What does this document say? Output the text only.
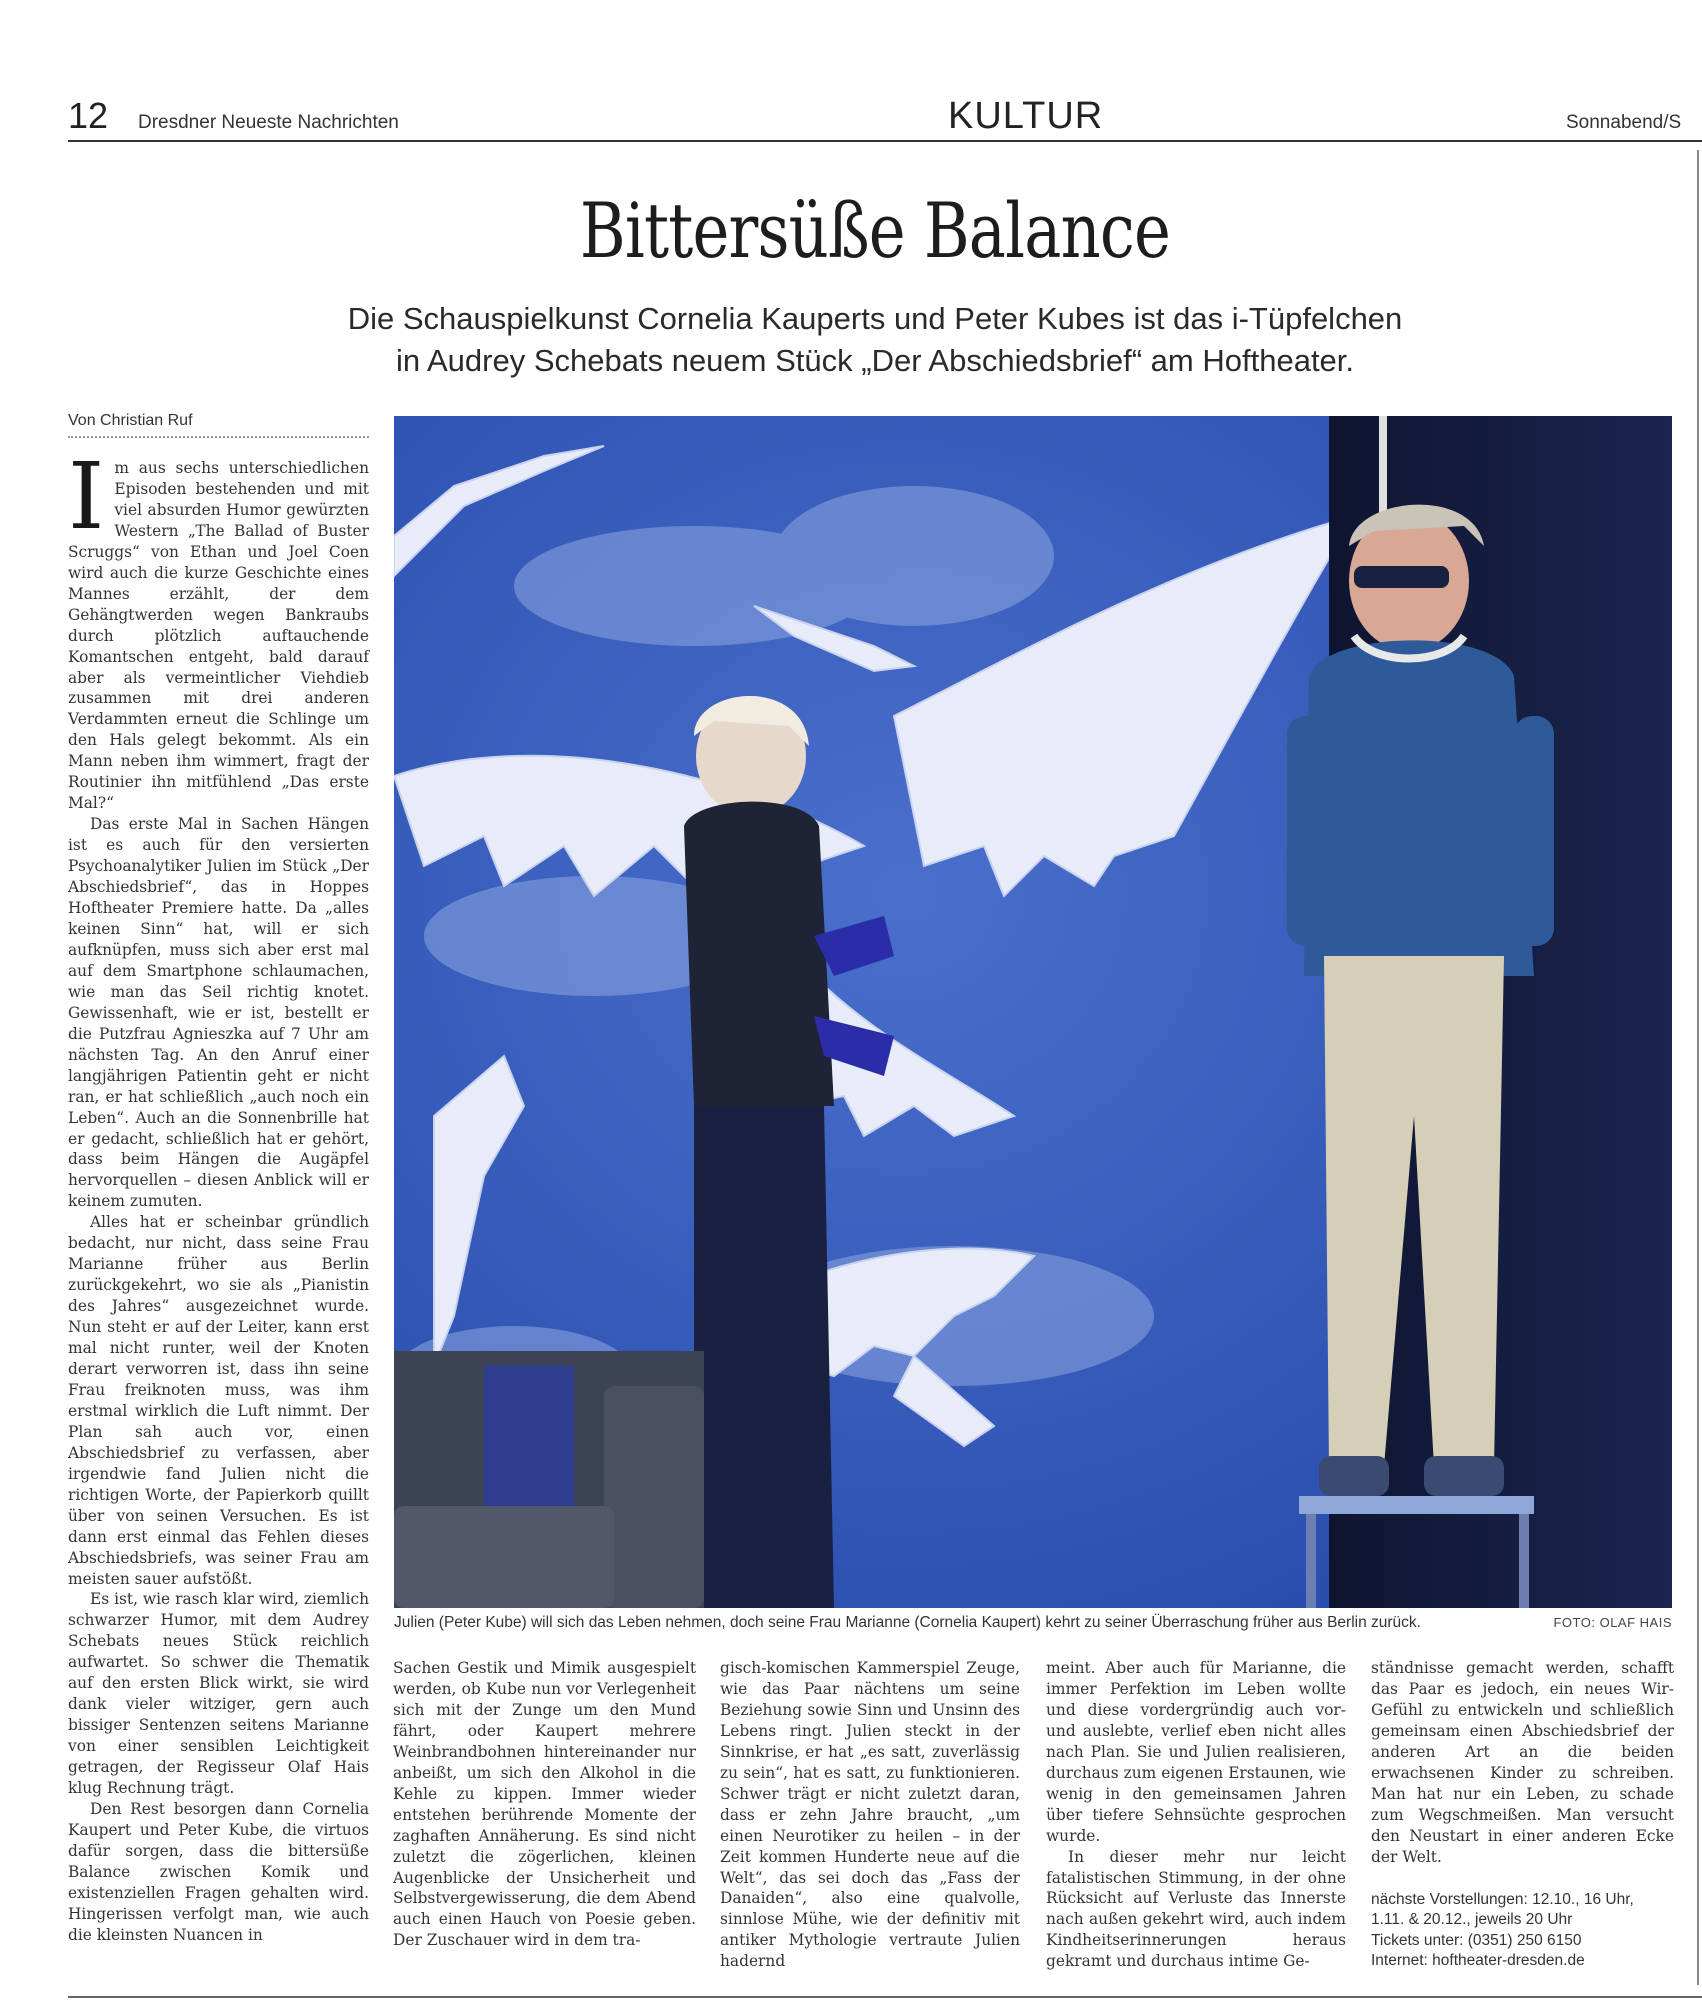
12 Dresdner Neueste Nachrichten	KULTUR	Sonnabend/S
Bittersüße Balance
Die Schauspielkunst Cornelia Kauperts und Peter Kubes ist das i-Tüpfelchen
in Audrey Schebats neuem Stück „Der Abschiedsbrief“ am Hoftheater.
Von Christian Ruf

Im aus sechs unterschiedlichen Episoden bestehenden und mit viel absurden Humor gewürzten Western „The Ballad of Buster Scruggs“ von Ethan und Joel Coen wird auch die kurze Geschichte eines Mannes erzählt, der dem Gehängtwerden wegen Bankraubs durch plötzlich auftauchende Komantschen entgeht, bald darauf aber als vermeintlicher Viehdieb zusammen mit drei anderen Verdammten erneut die Schlinge um den Hals gelegt bekommt. Als ein Mann neben ihm wimmert, fragt der Routinier ihn mitfühlend „Das erste Mal?“

Das erste Mal in Sachen Hängen ist es auch für den versierten Psychoanalytiker Julien im Stück „Der Abschiedsbrief“, das in Hoppes Hoftheater Premiere hatte. Da „alles keinen Sinn“ hat, will er sich aufknüpfen, muss sich aber erst mal auf dem Smartphone schlaumachen, wie man das Seil richtig knotet. Gewissenhaft, wie er ist, bestellt er die Putzfrau Agnieszka auf 7 Uhr am nächsten Tag. An den Anruf einer langjährigen Patientin geht er nicht ran, er hat schließlich „auch noch ein Leben“. Auch an die Sonnenbrille hat er gedacht, schließlich hat er gehört, dass beim Hängen die Augäpfel hervorquellen – diesen Anblick will er keinem zumuten.

Alles hat er scheinbar gründlich bedacht, nur nicht, dass seine Frau Marianne früher aus Berlin zurückgekehrt, wo sie als „Pianistin des Jahres“ ausgezeichnet wurde. Nun steht er auf der Leiter, kann erst mal nicht runter, weil der Knoten derart verworren ist, dass ihn seine Frau freiknoten muss, was ihm erstmal wirklich die Luft nimmt. Der Plan sah auch vor, einen Abschiedsbrief zu verfassen, aber irgendwie fand Julien nicht die richtigen Worte, der Papierkorb quillt über von seinen Versuchen. Es ist dann erst einmal das Fehlen dieses Abschiedsbriefs, was seiner Frau am meisten sauer aufstößt.

Es ist, wie rasch klar wird, ziemlich schwarzer Humor, mit dem Audrey Schebats neues Stück reichlich aufwartet. So schwer die Thematik auf den ersten Blick wirkt, sie wird dank vieler witziger, gern auch bissiger Sentenzen seitens Marianne von einer sensiblen Leichtigkeit getragen, der Regisseur Olaf Hais klug Rechnung trägt.

Den Rest besorgen dann Cornelia Kaupert und Peter Kube, die virtuos dafür sorgen, dass die bittersüße Balance zwischen Komik und existenziellen Fragen gehalten wird. Hingerissen verfolgt man, wie auch die kleinsten Nuancen in

Julien (Peter Kube) will sich das Leben nehmen, doch seine Frau Marianne (Cornelia Kaupert) kehrt zu seiner Überraschung früher aus Berlin zurück.	FOTO: OLAF HAIS

Sachen Gestik und Mimik ausgespielt werden, ob Kube nun vor Verlegenheit sich mit der Zunge um den Mund fährt, oder Kaupert mehrere Weinbrandbohnen hintereinander nur anbeißt, um sich den Alkohol in die Kehle zu kippen. Immer wieder entstehen berührende Momente der zaghaften Annäherung. Es sind nicht zuletzt die zögerlichen, kleinen Augenblicke der Unsicherheit und Selbstvergewisserung, die dem Abend auch einen Hauch von Poesie geben. Der Zuschauer wird in dem tra-

gisch-komischen Kammerspiel Zeuge, wie das Paar nächtens um seine Beziehung sowie Sinn und Unsinn des Lebens ringt. Julien steckt in der Sinnkrise, er hat „es satt, zuverlässig zu sein“, hat es satt, zu funktionieren. Schwer trägt er nicht zuletzt daran, dass er zehn Jahre braucht, „um einen Neurotiker zu heilen – in der Zeit kommen Hunderte neue auf die Welt“, das sei doch das „Fass der Danaiden“, also eine qualvolle, sinnlose Mühe, wie der definitiv mit antiker Mythologie vertraute Julien hadernd

meint. Aber auch für Marianne, die immer Perfektion im Leben wollte und diese vordergründig auch vor- und auslebte, verlief eben nicht alles nach Plan. Sie und Julien realisieren, durchaus zum eigenen Erstaunen, wie wenig in den gemeinsamen Jahren über tiefere Sehnsüchte gesprochen wurde.

In dieser mehr nur leicht fatalistischen Stimmung, in der ohne Rücksicht auf Verluste das Innerste nach außen gekehrt wird, auch indem Kindheitserinnerungen heraus gekramt und durchaus intime Ge-

ständnisse gemacht werden, schafft das Paar es jedoch, ein neues Wir-Gefühl zu entwickeln und schließlich gemeinsam einen Abschiedsbrief der anderen Art an die beiden erwachsenen Kinder zu schreiben. Man hat nur ein Leben, zu schade zum Wegschmeißen. Man versucht den Neustart in einer anderen Ecke der Welt.

nächste Vorstellungen: 12.10., 16 Uhr,
1.11. & 20.12., jeweils 20 Uhr
Tickets unter: (0351) 250 6150
Internet: hoftheater-dresden.de
